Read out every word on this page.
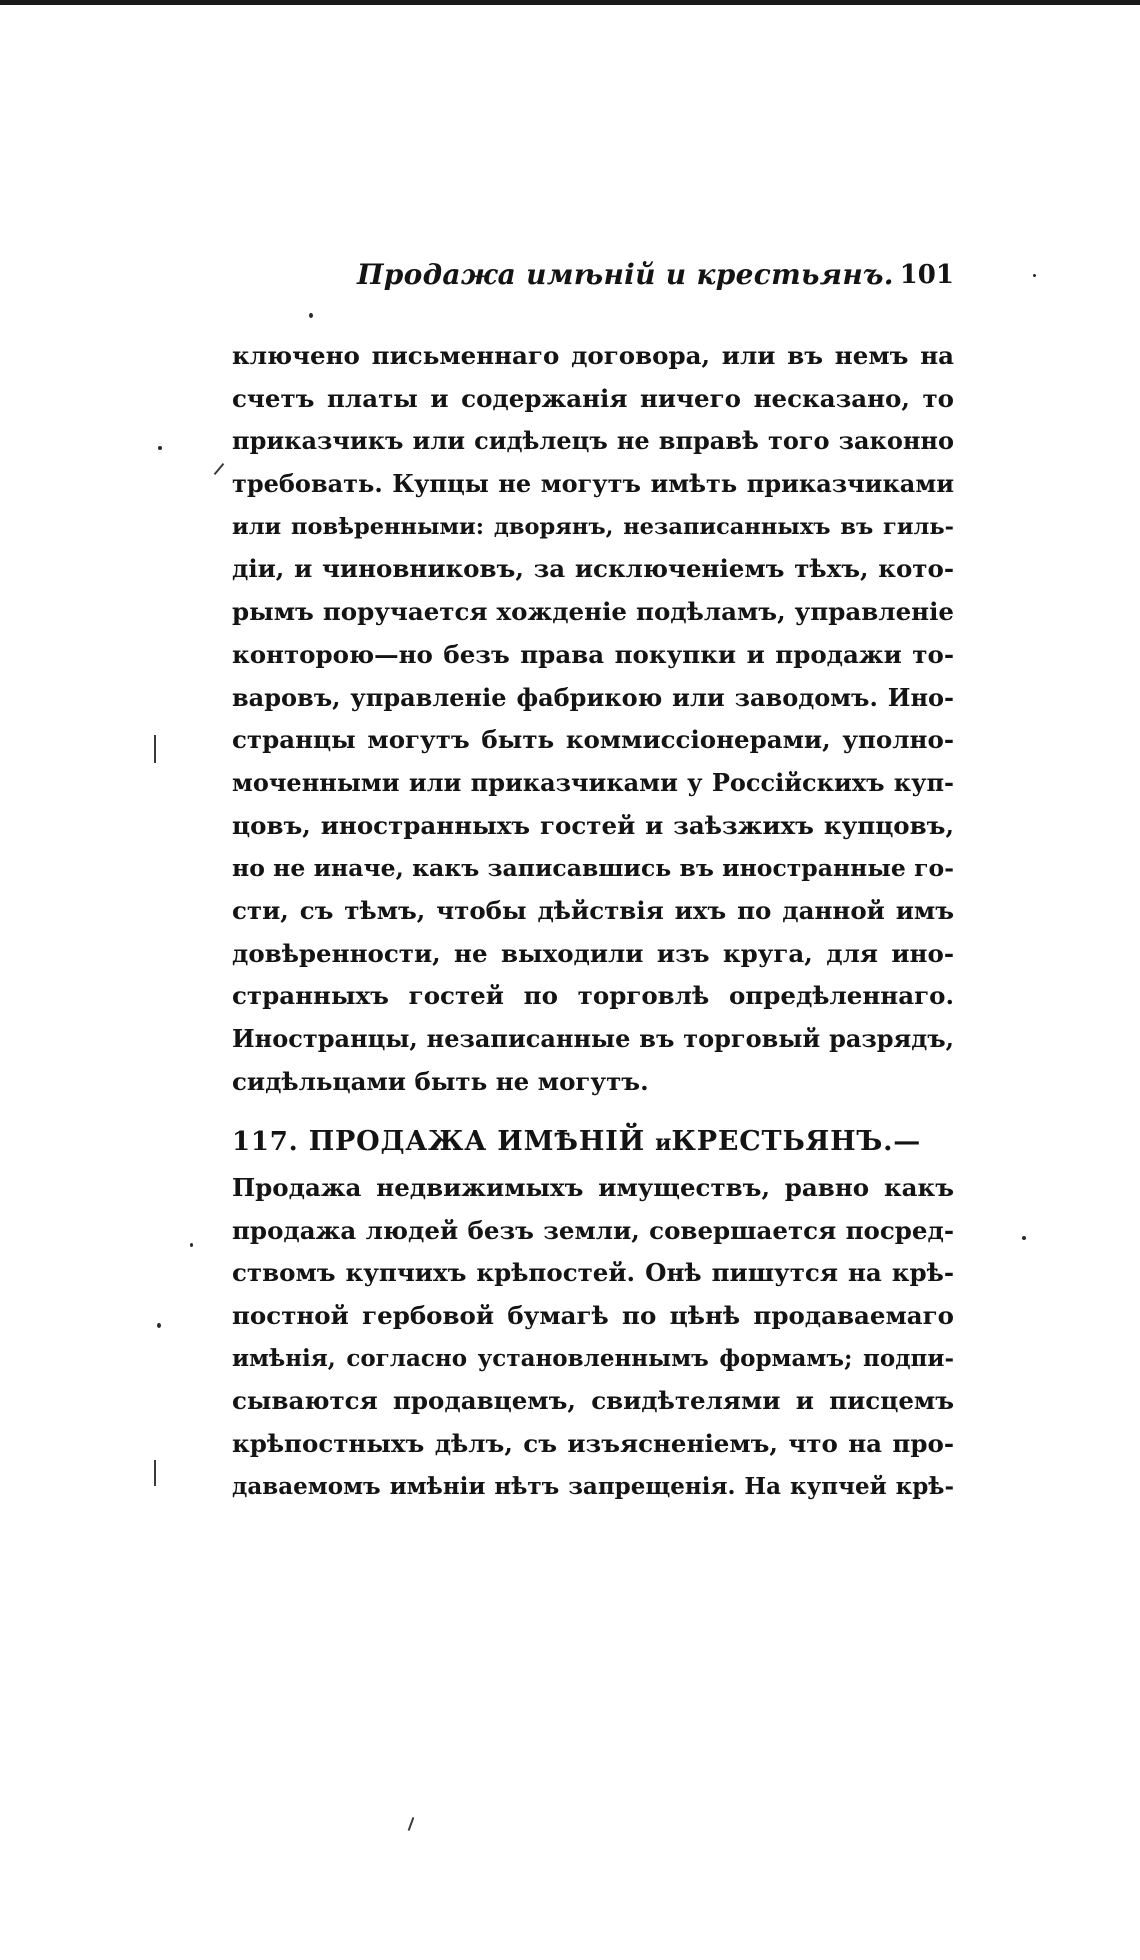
Продажа имѣній и крестьянъ. 101
ключено письменнаго договора, или въ немъ на
счетъ платы и содержанія ничего несказано, то
приказчикъ или сидѣлецъ не вправѣ того законно
требовать. Купцы не могутъ имѣть приказчиками
или повѣренными: дворянъ, незаписанныхъ въ гиль-
діи, и чиновниковъ, за исключеніемъ тѣхъ, кото-
рымъ поручается хожденіе подѣламъ, управленіе
конторою—но безъ права покупки и продажи то-
варовъ, управленіе фабрикою или заводомъ. Ино-
странцы могутъ быть коммиссіонерами, уполно-
моченными или приказчиками у Россійскихъ куп-
цовъ, иностранныхъ гостей и заѣзжихъ купцовъ,
но не иначе, какъ записавшись въ иностранные го-
сти, съ тѣмъ, чтобы дѣйствія ихъ по данной имъ
довѣренности, не выходили изъ круга, для ино-
странныхъ гостей по торговлѣ опредѣленнаго.
Иностранцы, незаписанные въ торговый разрядъ,
сидѣльцами быть не могутъ.
117. ПРОДАЖА ИМѢНІЙ иКРЕСТЬЯНЪ.—
Продажа недвижимыхъ имуществъ, равно какъ
продажа людей безъ земли, совершается посред-
ствомъ купчихъ крѣпостей. Онѣ пишутся на крѣ-
постной гербовой бумагѣ по цѣнѣ продаваемаго
имѣнія, согласно установленнымъ формамъ; подпи-
сываются продавцемъ, свидѣтелями и писцемъ
крѣпостныхъ дѣлъ, съ изъясненіемъ, что на про-
даваемомъ имѣніи нѣтъ запрещенія. На купчей крѣ-
